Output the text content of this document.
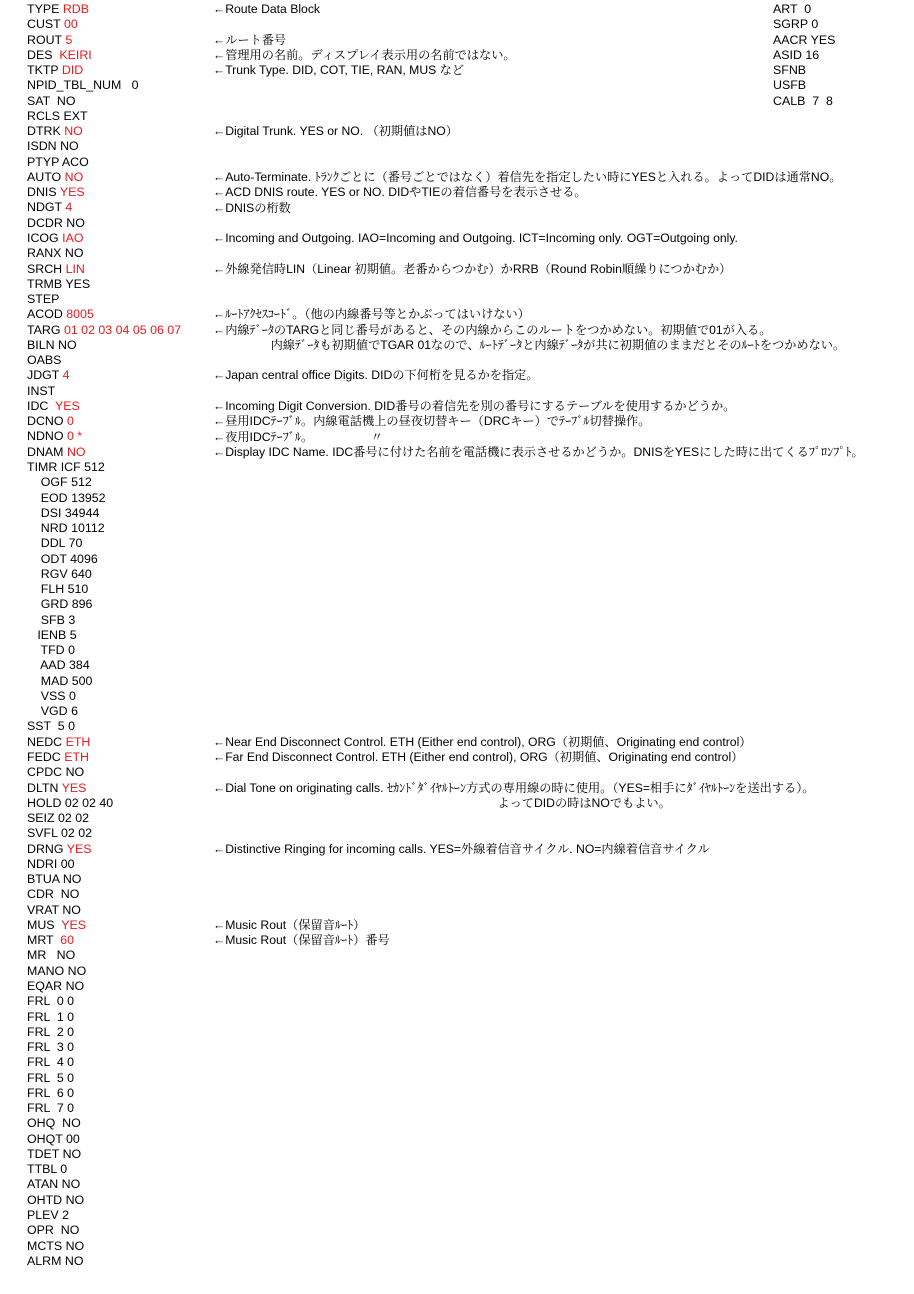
TYPE RDB
CUST 00
ROUT 5
DES  KEIRI
TKTP DID
NPID_TBL_NUM   0
SAT  NO
RCLS EXT
DTRK NO
ISDN NO
PTYP ACO
AUTO NO
DNIS YES
NDGT 4
DCDR NO
ICOG IAO
RANX NO
SRCH LIN
TRMB YES
STEP
ACOD 8005
TARG 01 02 03 04 05 06 07
BILN NO
OABS
JDGT 4
INST
IDC  YES
DCNO 0
NDNO 0 *
DNAM NO
TIMR ICF 512
OGF 512
EOD 13952
DSI 34944
NRD 10112
DDL 70
ODT 4096
RGV 640
FLH 510
GRD 896
SFB 3
IENB 5
TFD 0
AAD 384
MAD 500
VSS 0
VGD 6
SST  5 0
NEDC ETH
FEDC ETH
CPDC NO
DLTN YES
HOLD 02 02 40
SEIZ 02 02
SVFL 02 02
DRNG YES
NDRI 00
BTUA NO
CDR  NO
VRAT NO
MUS  YES
MRT  60
MR   NO
MANO NO
EQAR NO
FRL  0 0
FRL  1 0
FRL  2 0
FRL  3 0
FRL  4 0
FRL  5 0
FRL  6 0
FRL  7 0
OHQ  NO
OHQT 00
TDET NO
TTBL 0
ATAN NO
OHTD NO
PLEV 2
OPR  NO
MCTS NO
ALRM NO
←Route Data Block
←ルート番号
←管理用の名前。ディスプレイ表示用の名前ではない。
←Trunk Type. DID, COT, TIE, RAN, MUS など
←Digital Trunk. YES or NO. （初期値はNO）
←Auto-Terminate. ﾄﾗﾝｸごとに（番号ごとではなく）着信先を指定したい時にYESと入れる。よってDIDは通常NO。
←ACD DNIS route. YES or NO. DIDやTIEの着信番号を表示させる。
←DNISの桁数
←Incoming and Outgoing. IAO=Incoming and Outgoing. ICT=Incoming only. OGT=Outgoing only.
←外線発信時LIN（Linear 初期値。老番からつかむ）かRRB（Round Robin順繰りにつかむか）
←ﾙｰﾄｱｸｾｽｺｰﾄﾞ。（他の内線番号等とかぶってはいけない）
←内線ﾃﾞｰﾀのTARGと同じ番号があると、その内線からこのルートをつかめない。初期値で01が入る。
内線ﾃﾞｰﾀも初期値でTGAR 01なので、ﾙｰﾄﾃﾞｰﾀと内線ﾃﾞｰﾀが共に初期値のままだとそのﾙｰﾄをつかめない。
←Japan central office Digits. DIDの下何桁を見るかを指定。
←Incoming Digit Conversion. DID番号の着信先を別の番号にするテーブルを使用するかどうか。
←昼用IDCﾃｰﾌﾞﾙ。内線電話機上の昼夜切替キー（DRCキー）でﾃｰﾌﾞﾙ切替操作。
←夜用IDCﾃｰﾌﾞﾙ。                 〃
←Display IDC Name. IDC番号に付けた名前を電話機に表示させるかどうか。DNISをYESにした時に出てくるﾌﾟﾛﾝﾌﾟﾄ。
←Near End Disconnect Control. ETH (Either end control), ORG（初期値、Originating end control）
←Far End Disconnect Control. ETH (Either end control), ORG（初期値、Originating end control）
←Dial Tone on originating calls. ｾｶﾝﾄﾞﾀﾞｲﾔﾙﾄｰﾝ方式の専用線の時に使用。（YES=相手にﾀﾞｲﾔﾙﾄｰﾝを送出する）。
よってDIDの時はNOでもよい。
←Distinctive Ringing for incoming calls. YES=外線着信音サイクル. NO=内線着信音サイクル
←Music Rout（保留音ﾙｰﾄ）
←Music Rout（保留音ﾙｰﾄ）番号
ART  0
SGRP 0
AACR YES
ASID 16
SFNB
USFB
CALB  7  8
